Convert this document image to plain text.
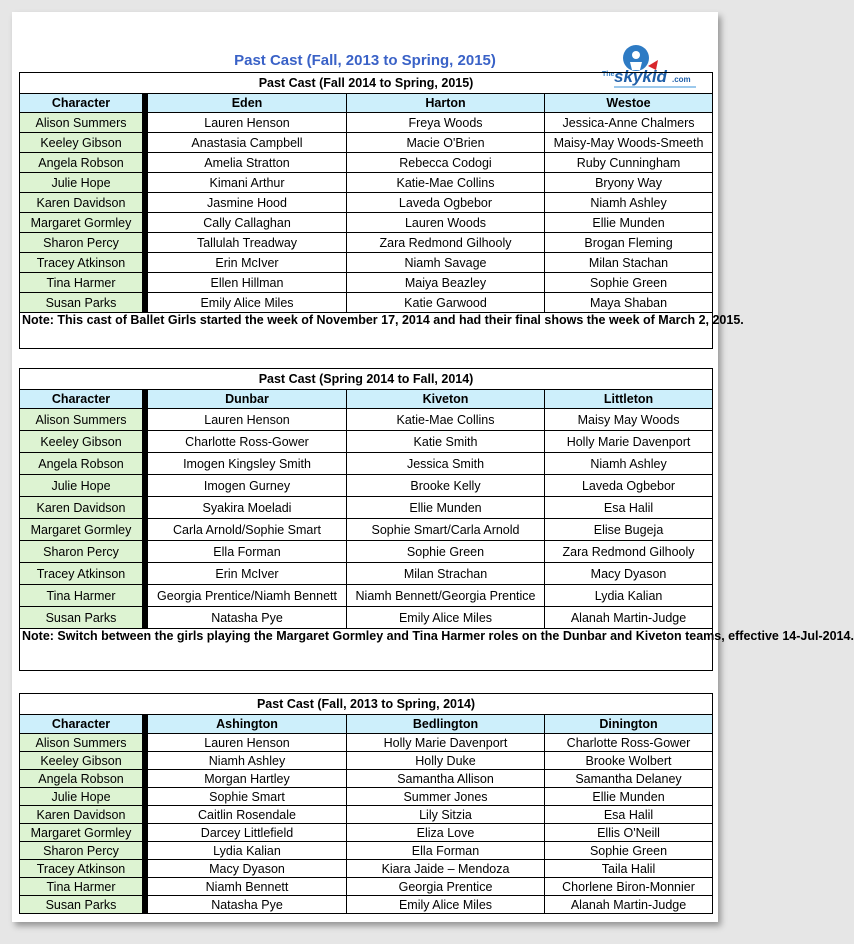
Past Cast (Fall, 2013 to Spring, 2015)
The skykid .com
Past Cast (Fall 2014 to Spring, 2015)				
Character		Eden	Harton	Westoe
Alison Summers		Lauren Henson	Freya Woods	Jessica-Anne Chalmers
Keeley Gibson		Anastasia Campbell	Macie O'Brien	Maisy-May Woods-Smeeth
Angela Robson		Amelia Stratton	Rebecca Codogi	Ruby Cunningham
Julie Hope		Kimani Arthur	Katie-Mae Collins	Bryony Way
Karen Davidson		Jasmine Hood	Laveda Ogbebor	Niamh Ashley
Margaret Gormley		Cally Callaghan	Lauren Woods	Ellie Munden
Sharon Percy		Tallulah Treadway	Zara Redmond Gilhooly	Brogan Fleming
Tracey Atkinson		Erin McIver	Niamh Savage	Milan Stachan
Tina Harmer		Ellen Hillman	Maiya Beazley	Sophie Green
Susan Parks		Emily Alice Miles	Katie Garwood	Maya Shaban
Note: This cast of Ballet Girls started the week of November 17, 2014 and had their final shows the week of March 2, 2015.				
Past Cast (Spring 2014 to Fall, 2014)				
Character		Dunbar	Kiveton	Littleton
Alison Summers		Lauren Henson	Katie-Mae Collins	Maisy May Woods
Keeley Gibson		Charlotte Ross-Gower	Katie Smith	Holly Marie Davenport
Angela Robson		Imogen Kingsley Smith	Jessica Smith	Niamh Ashley
Julie Hope		Imogen Gurney	Brooke Kelly	Laveda Ogbebor
Karen Davidson		Syakira Moeladi	Ellie Munden	Esa Halil
Margaret Gormley		Carla Arnold/Sophie Smart	Sophie Smart/Carla Arnold	Elise Bugeja
Sharon Percy		Ella Forman	Sophie Green	Zara Redmond Gilhooly
Tracey Atkinson		Erin McIver	Milan Strachan	Macy Dyason
Tina Harmer		Georgia Prentice/Niamh Bennett	Niamh Bennett/Georgia Prentice	Lydia Kalian
Susan Parks		Natasha Pye	Emily Alice Miles	Alanah Martin-Judge
Note: Switch between the girls playing the Margaret Gormley and Tina Harmer roles on the Dunbar and Kiveton teams, effective 14-Jul-2014.				
Past Cast (Fall, 2013 to Spring, 2014)				
Character		Ashington	Bedlington	Dinington
Alison Summers		Lauren Henson	Holly Marie Davenport	Charlotte Ross-Gower
Keeley Gibson		Niamh Ashley	Holly Duke	Brooke Wolbert
Angela Robson		Morgan Hartley	Samantha Allison	Samantha Delaney
Julie Hope		Sophie Smart	Summer Jones	Ellie Munden
Karen Davidson		Caitlin Rosendale	Lily Sitzia	Esa Halil
Margaret Gormley		Darcey Littlefield	Eliza Love	Ellis O'Neill
Sharon Percy		Lydia Kalian	Ella Forman	Sophie Green
Tracey Atkinson		Macy Dyason	Kiara Jaide – Mendoza	Taila Halil
Tina Harmer		Niamh Bennett	Georgia Prentice	Chorlene Biron-Monnier
Susan Parks		Natasha Pye	Emily Alice Miles	Alanah Martin-Judge
